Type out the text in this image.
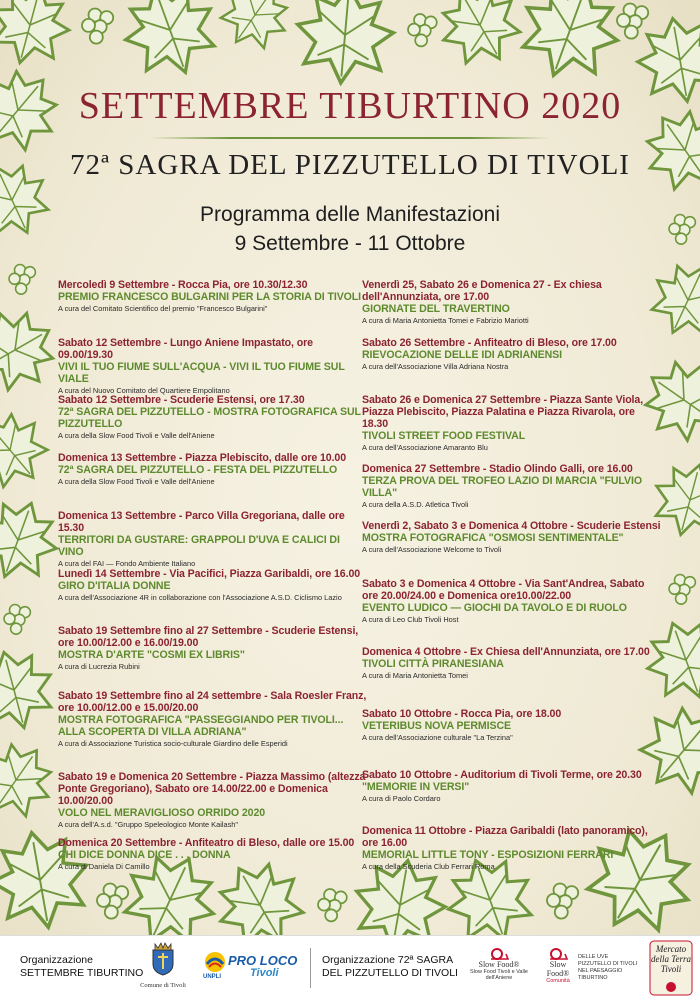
SETTEMBRE TIBURTINO 2020
72ª SAGRA DEL PIZZUTELLO DI TIVOLI
Programma delle Manifestazioni
9 Settembre - 11 Ottobre
Mercoledì 9 Settembre - Rocca Pia, ore 10.30/12.30
PREMIO FRANCESCO BULGARINI PER LA STORIA DI TIVOLI
A cura del Comitato Scientifico del premio "Francesco Bulgarini"
Sabato 12 Settembre - Lungo Aniene Impastato, ore 09.00/19.30
VIVI IL TUO FIUME SULL'ACQUA - VIVI IL TUO FIUME SUL VIALE
A cura del Nuovo Comitato del Quartiere Empolitano
Sabato 12 Settembre - Scuderie Estensi, ore 17.30
72ª SAGRA DEL PIZZUTELLO - MOSTRA FOTOGRAFICA SUL PIZZUTELLO
A cura della Slow Food Tivoli e Valle dell'Aniene
Domenica 13 Settembre - Piazza Plebiscito, dalle ore 10.00
72ª SAGRA DEL PIZZUTELLO - FESTA DEL PIZZUTELLO
A cura della Slow Food Tivoli e Valle dell'Aniene
Domenica 13 Settembre - Parco Villa Gregoriana, dalle ore 15.30
TERRITORI DA GUSTARE: GRAPPOLI D'UVA E CALICI DI VINO
A cura del FAI — Fondo Ambiente Italiano
Lunedì 14 Settembre - Via Pacifici, Piazza Garibaldi, ore 16.00
GIRO D'ITALIA DONNE
A cura dell'Associazione 4R in collaborazione con l'Associazione A.S.D. Ciclismo Lazio
Sabato 19 Settembre fino al 27 Settembre - Scuderie Estensi, ore 10.00/12.00 e 16.00/19.00
MOSTRA D'ARTE "COSMI EX LIBRIS"
A cura di Lucrezia Rubini
Sabato 19 Settembre fino al 24 settembre - Sala Roesler Franz, ore 10.00/12.00 e 15.00/20.00
MOSTRA FOTOGRAFICA "PASSEGGIANDO PER TIVOLI... ALLA SCOPERTA DI VILLA ADRIANA"
A cura di Associazione Turistica socio-culturale Giardino delle Esperidi
Sabato 19 e Domenica 20 Settembre - Piazza Massimo (altezza Ponte Gregoriano), Sabato ore 14.00/22.00 e Domenica 10.00/20.00
VOLO NEL MERAVIGLIOSO ORRIDO 2020
A cura dell'A.s.d. "Gruppo Speleologico Monte Kailash"
Domenica 20 Settembre - Anfiteatro di Bleso, dalle ore 15.00
CHI DICE DONNA DICE . . . DONNA
A cura di Daniela Di Camillo
Venerdì 25, Sabato 26 e Domenica 27 - Ex chiesa dell'Annunziata, ore 17.00
GIORNATE DEL TRAVERTINO
A cura di Maria Antonietta Tomei e Fabrizio Mariotti
Sabato 26 Settembre - Anfiteatro di Bleso, ore 17.00
RIEVOCAZIONE DELLE IDI ADRIANENSI
A cura dell'Associazione Villa Adriana Nostra
Sabato 26 e Domenica 27 Settembre - Piazza Sante Viola, Piazza Plebiscito, Piazza Palatina e Piazza Rivarola, ore 18.30
TIVOLI STREET FOOD FESTIVAL
A cura dell'Associazione Amaranto Blu
Domenica 27 Settembre - Stadio Olindo Galli, ore 16.00
TERZA PROVA DEL TROFEO LAZIO DI MARCIA "FULVIO VILLA"
A cura della A.S.D. Atletica Tivoli
Venerdì 2, Sabato 3 e Domenica 4 Ottobre - Scuderie Estensi
MOSTRA FOTOGRAFICA "OSMOSI SENTIMENTALE"
A cura dell'Associazione Welcome to Tivoli
Sabato 3 e Domenica 4 Ottobre - Via Sant'Andrea, Sabato ore 20.00/24.00 e Domenica ore10.00/22.00
EVENTO LUDICO — GIOCHI DA TAVOLO E DI RUOLO
A cura di Leo Club Tivoli Host
Domenica 4 Ottobre - Ex Chiesa dell'Annunziata, ore 17.00
TIVOLI CITTÀ PIRANESIANA
A cura di Maria Antonietta Tomei
Sabato 10 Ottobre - Rocca Pia, ore 18.00
VETERIBUS NOVA PERMISCE
A cura dell'Associazione culturale "La Terzina"
Sabato 10 Ottobre - Auditorium di Tivoli Terme, ore 20.30
"MEMORIE IN VERSI"
A cura di Paolo Cordaro
Domenica 11 Ottobre - Piazza Garibaldi (lato panoramico), ore 16.00
MEMORIAL LITTLE TONY - ESPOSIZIONI FERRARI
A cura della Scuderia Club Ferrari Roma
Organizzazione
SETTEMBRE TIBURTINO
Comune di Tivoli
UNPLI
PRO LOCO
Tivoli
Organizzazione 72ª SAGRA
DEL PIZZUTELLO DI TIVOLI
Slow Food®
Slow Food Tivoli e Valle dell'Aniene
Slow Food®
Comunità
DELLE UVE PIZZUTELLO DI TIVOLI NEL PAESAGGIO TIBURTINO
Mercato della Terra Tivoli
